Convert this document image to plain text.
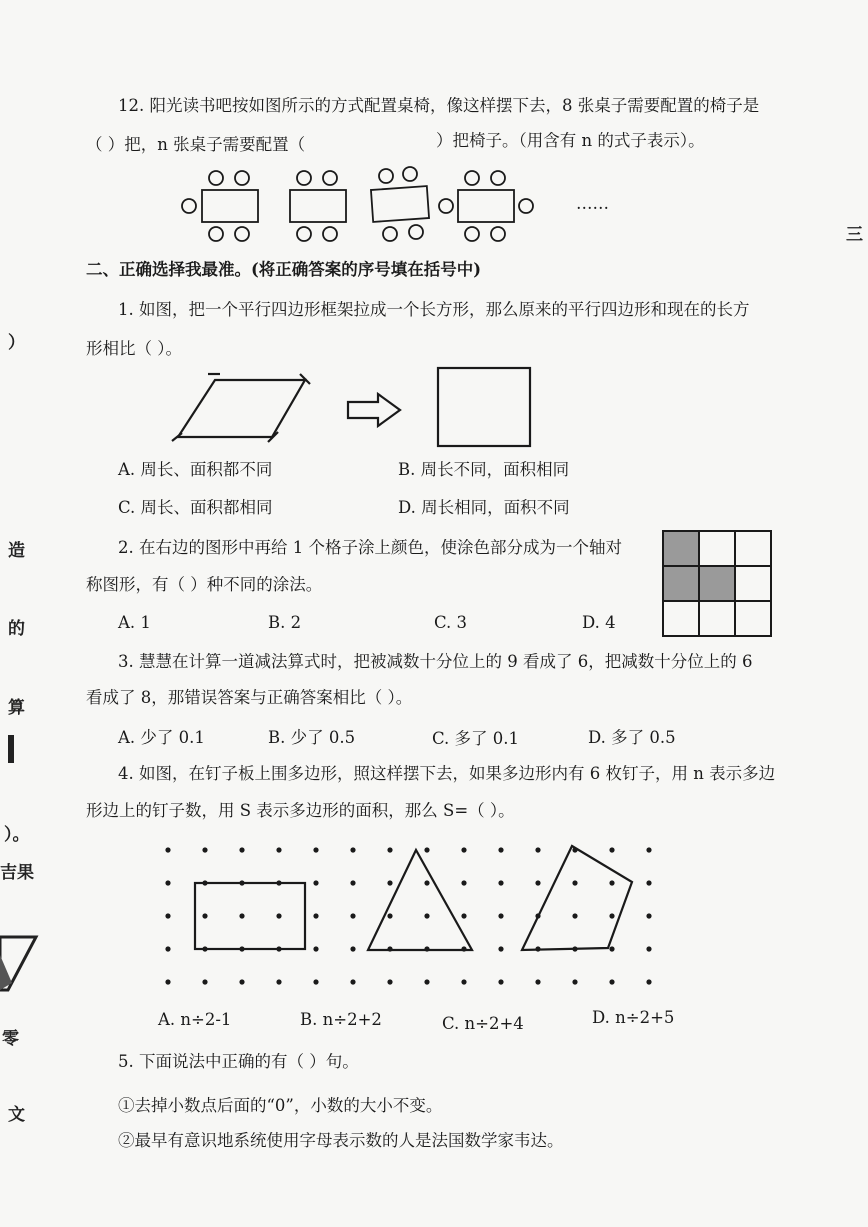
）
造
的
算
）。
吉果
零
文
三
12. 阳光读书吧按如图所示的方式配置桌椅，像这样摆下去，8 张桌子需要配置的椅子是
（ ）把，n 张桌子需要配置（	）把椅子。（用含有 n 的式子表示）。
……
二、正确选择我最准。(将正确答案的序号填在括号中)
1. 如图，把一个平行四边形框架拉成一个长方形，那么原来的平行四边形和现在的长方
形相比（ ）。
A. 周长、面积都不同	B. 周长不同，面积相同
C. 周长、面积都相同	D. 周长相同，面积不同
2. 在右边的图形中再给 1 个格子涂上颜色，使涂色部分成为一个轴对
称图形，有（ ）种不同的涂法。
A. 1	B. 2	C. 3	D. 4
3. 慧慧在计算一道减法算式时，把被减数十分位上的 9 看成了 6，把减数十分位上的 6
看成了 8，那错误答案与正确答案相比（ ）。
A. 少了 0.1	B. 少了 0.5	C. 多了 0.1	D. 多了 0.5
4. 如图，在钉子板上围多边形，照这样摆下去，如果多边形内有 6 枚钉子，用 n 表示多边
形边上的钉子数，用 S 表示多边形的面积，那么 S=（ ）。
A. n÷2-1	B. n÷2+2	C. n÷2+4	D. n÷2+5
5. 下面说法中正确的有（ ）句。
①去掉小数点后面的“0”，小数的大小不变。
②最早有意识地系统使用字母表示数的人是法国数学家韦达。
